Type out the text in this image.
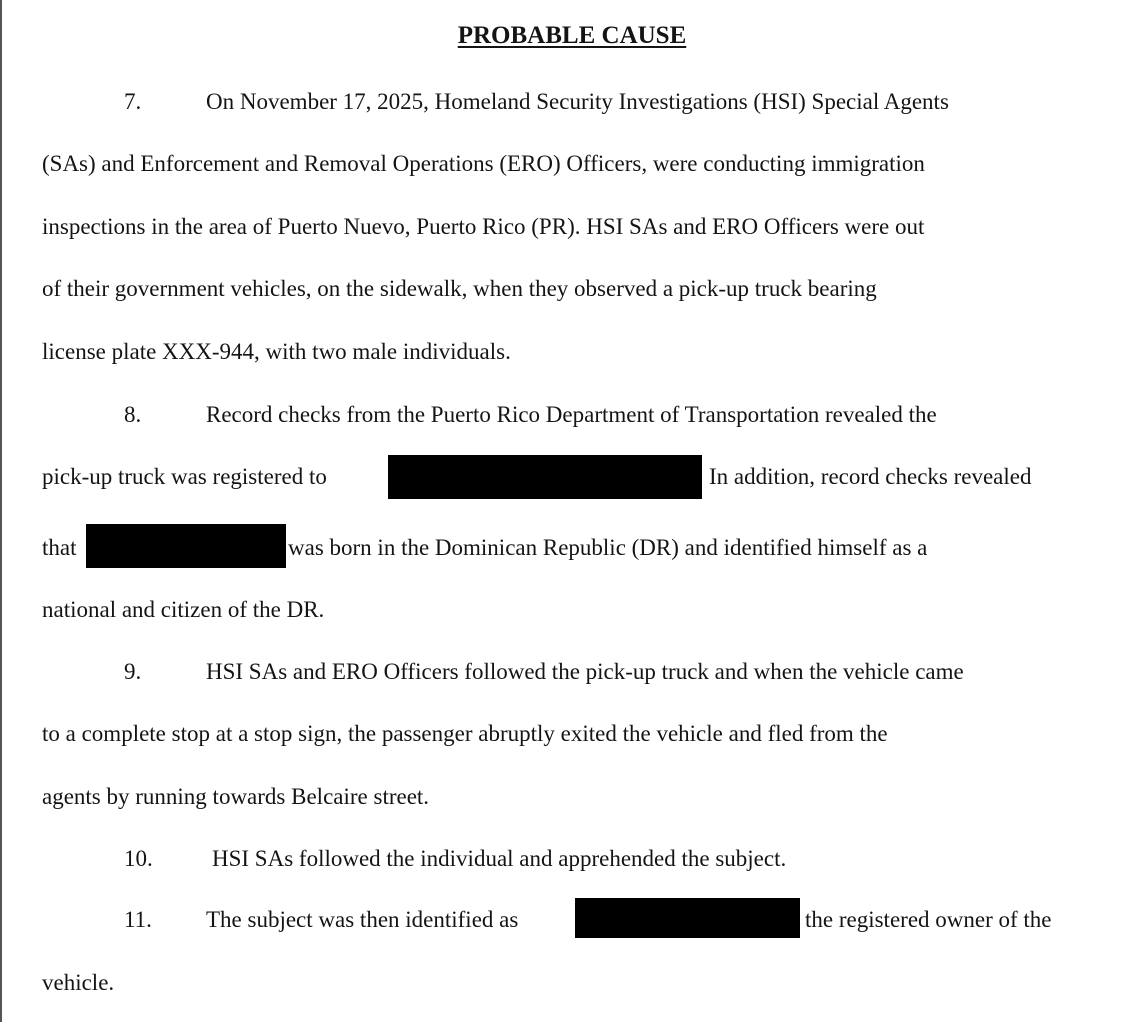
PROBABLE CAUSE
7.	On November 17, 2025, Homeland Security Investigations (HSI) Special Agents
(SAs) and Enforcement and Removal Operations (ERO) Officers, were conducting immigration
inspections in the area of Puerto Nuevo, Puerto Rico (PR). HSI SAs and ERO Officers were out
of their government vehicles, on the sidewalk, when they observed a pick-up truck bearing
license plate XXX-944, with two male individuals.
8.	Record checks from the Puerto Rico Department of Transportation revealed the
pick-up truck was registered to	In addition, record checks revealed
that	was born in the Dominican Republic (DR) and identified himself as a
national and citizen of the DR.
9.	HSI SAs and ERO Officers followed the pick-up truck and when the vehicle came
to a complete stop at a stop sign, the passenger abruptly exited the vehicle and fled from the
agents by running towards Belcaire street.
10.	HSI SAs followed the individual and apprehended the subject.
11. The subject was then identified as	the registered owner of the
vehicle.
